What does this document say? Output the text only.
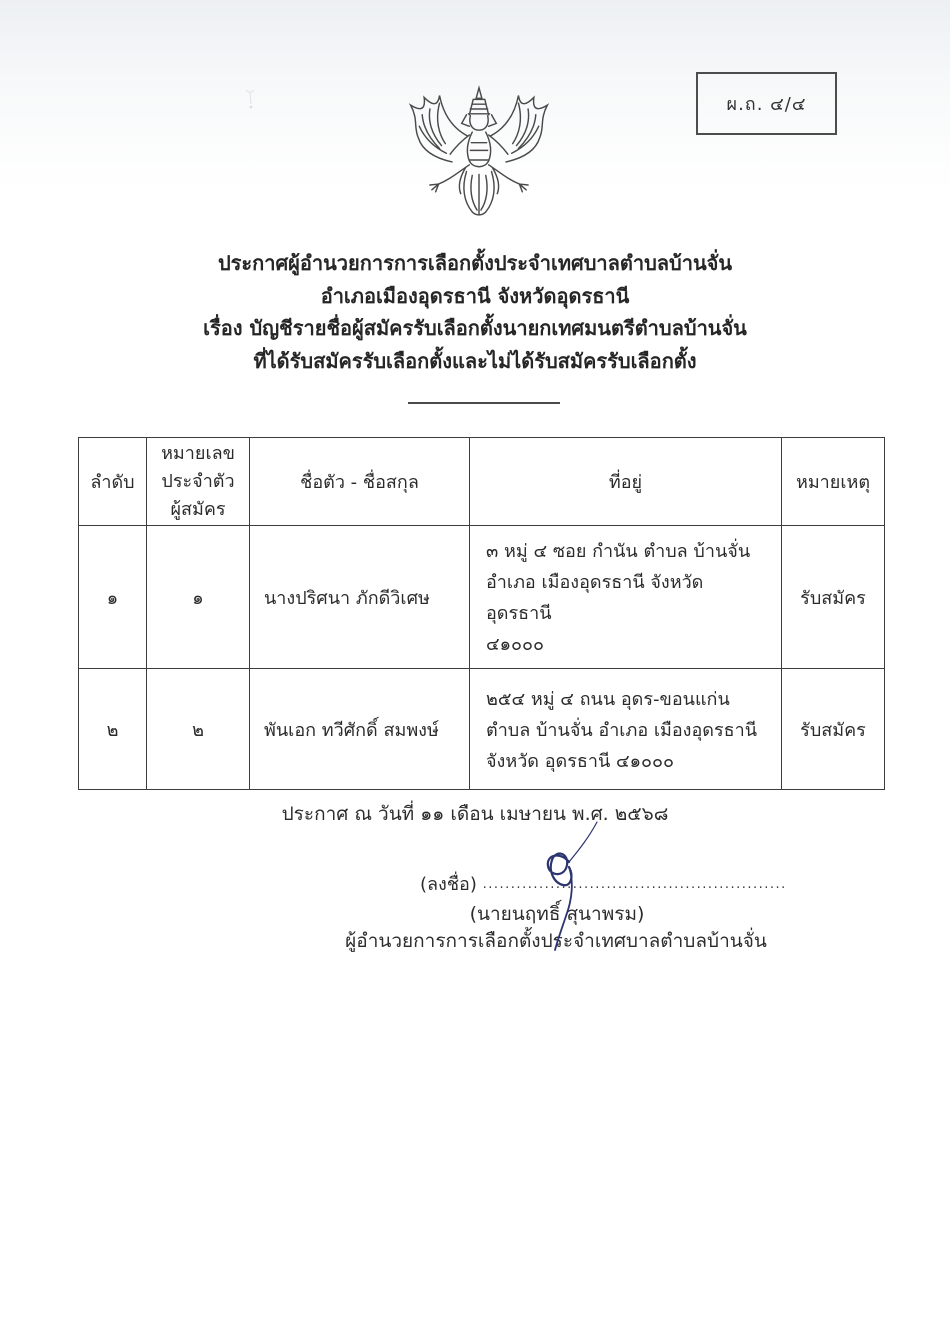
ผ.ถ. ๔/๔
ประกาศผู้อำนวยการการเลือกตั้งประจำเทศบาลตำบลบ้านจั่น
อำเภอเมืองอุดรธานี จังหวัดอุดรธานี
เรื่อง บัญชีรายชื่อผู้สมัครรับเลือกตั้งนายกเทศมนตรีตำบลบ้านจั่น
ที่ได้รับสมัครรับเลือกตั้งและไม่ได้รับสมัครรับเลือกตั้ง
ลำดับ	หมายเลข
ประจำตัว
ผู้สมัคร	ชื่อตัว - ชื่อสกุล	ที่อยู่	หมายเหตุ
๑	๑	นางปริศนา ภักดีวิเศษ	๓ หมู่ ๔ ซอย กำนัน ตำบล บ้านจั่น
อำเภอ เมืองอุดรธานี จังหวัด อุดรธานี
๔๑๐๐๐	รับสมัคร
๒	๒	พันเอก ทวีศักดิ์ สมพงษ์	๒๕๔ หมู่ ๔ ถนน อุดร-ขอนแก่น
ตำบล บ้านจั่น อำเภอ เมืองอุดรธานี
จังหวัด อุดรธานี ๔๑๐๐๐	รับสมัคร
ประกาศ ณ วันที่ ๑๑ เดือน เมษายน พ.ศ. ๒๕๖๘
(ลงชื่อ) ......................................................
(นายนฤทธิ์ สุนาพรม)
ผู้อำนวยการการเลือกตั้งประจำเทศบาลตำบลบ้านจั่น
